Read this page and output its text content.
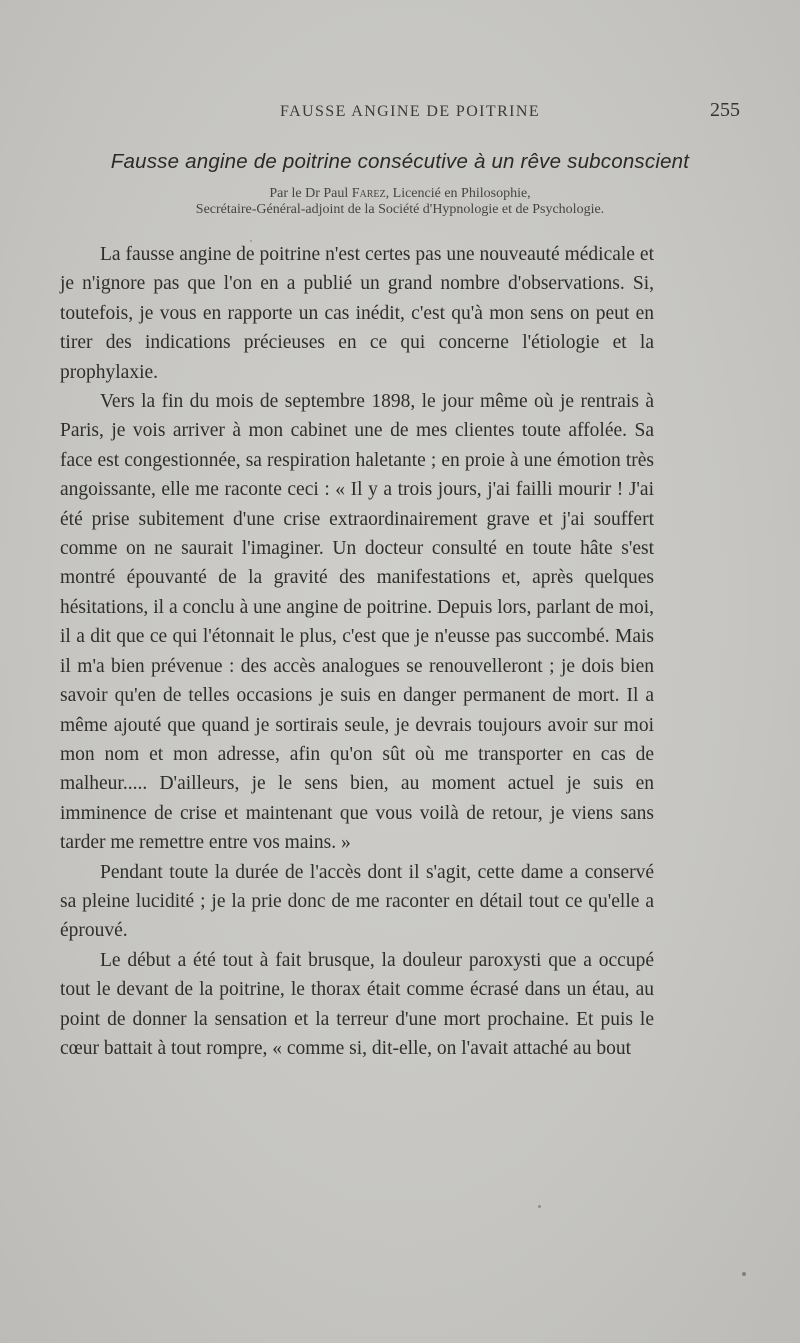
FAUSSE ANGINE DE POITRINE	255
Fausse angine de poitrine consécutive à un rêve subconscient
Par le Dr Paul Farez, Licencié en Philosophie,
Secrétaire-Général-adjoint de la Société d'Hypnologie et de Psychologie.

La fausse angine de poitrine n'est certes pas une nouveauté médicale et je n'ignore pas que l'on en a publié un grand nombre d'observations. Si, toutefois, je vous en rapporte un cas inédit, c'est qu'à mon sens on peut en tirer des indications précieuses en ce qui concerne l'étiologie et la prophylaxie.

Vers la fin du mois de septembre 1898, le jour même où je rentrais à Paris, je vois arriver à mon cabinet une de mes clientes toute affolée. Sa face est congestionnée, sa respiration haletante ; en proie à une émotion très angoissante, elle me raconte ceci : « Il y a trois jours, j'ai failli mourir ! J'ai été prise subitement d'une crise extraordinairement grave et j'ai souffert comme on ne saurait l'imaginer. Un docteur consulté en toute hâte s'est montré épouvanté de la gravité des manifestations et, après quelques hésitations, il a conclu à une angine de poitrine. Depuis lors, parlant de moi, il a dit que ce qui l'étonnait le plus, c'est que je n'eusse pas succombé. Mais il m'a bien prévenue : des accès analogues se renouvelleront ; je dois bien savoir qu'en de telles occasions je suis en danger permanent de mort. Il a même ajouté que quand je sortirais seule, je devrais toujours avoir sur moi mon nom et mon adresse, afin qu'on sût où me transporter en cas de malheur..... D'ailleurs, je le sens bien, au moment actuel je suis en imminence de crise et maintenant que vous voilà de retour, je viens sans tarder me remettre entre vos mains. »

Pendant toute la durée de l'accès dont il s'agit, cette dame a conservé sa pleine lucidité ; je la prie donc de me raconter en détail tout ce qu'elle a éprouvé.

Le début a été tout à fait brusque, la douleur paroxysti que a occupé tout le devant de la poitrine, le thorax était comme écrasé dans un étau, au point de donner la sensation et la terreur d'une mort prochaine. Et puis le cœur battait à tout rompre, « comme si, dit-elle, on l'avait attaché au bout
